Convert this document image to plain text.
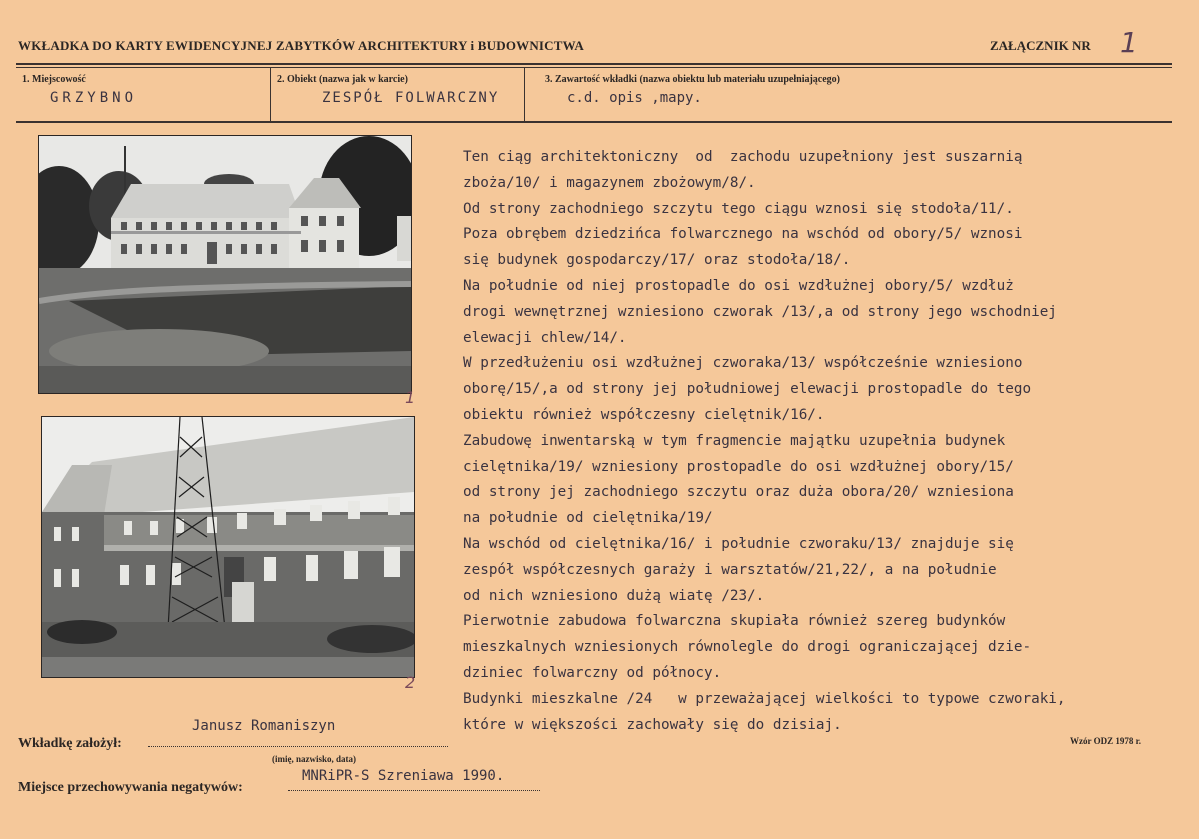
WKŁADKA DO KARTY EWIDENCYJNEJ ZABYTKÓW ARCHITEKTURY i BUDOWNICTWA	ZAŁĄCZNIK NR 1
1. Miejscowość
GRZYBNO
2. Obiekt (nazwa jak w karcie)
ZESPÓŁ FOLWARCZNY
3. Zawartość wkładki (nazwa obiektu lub materiału uzupełniającego)
c.d. opis ,mapy.
1
2
Ten ciąg architektoniczny  od  zachodu uzupełniony jest suszarnią
zboża/10/ i magazynem zbożowym/8/.
Od strony zachodniego szczytu tego ciągu wznosi się stodoła/11/.
Poza obrębem dziedzińca folwarcznego na wschód od obory/5/ wznosi
się budynek gospodarczy/17/ oraz stodoła/18/.
Na południe od niej prostopadle do osi wzdłużnej obory/5/ wzdłuż
drogi wewnętrznej wzniesiono czworak /13/,a od strony jego wschodniej
elewacji chlew/14/.
W przedłużeniu osi wzdłużnej czworaka/13/ współcześnie wzniesiono
oborę/15/,a od strony jej południowej elewacji prostopadle do tego
obiektu również współczesny cielętnik/16/.
Zabudowę inwentarską w tym fragmencie majątku uzupełnia budynek
cielętnika/19/ wzniesiony prostopadle do osi wzdłużnej obory/15/
od strony jej zachodniego szczytu oraz duża obora/20/ wzniesiona
na południe od cielętnika/19/
Na wschód od cielętnika/16/ i południe czworaku/13/ znajduje się
zespół współczesnych garaży i warsztatów/21,22/, a na południe
od nich wzniesiono dużą wiatę /23/.
Pierwotnie zabudowa folwarczna skupiała również szereg budynków
mieszkalnych wzniesionych równolegle do drogi ograniczającej dzie-
dziniec folwarczny od północy.
Budynki mieszkalne /24   w przeważającej wielkości to typowe czworaki,
które w większości zachowały się do dzisiaj.
Janusz Romaniszyn
Wkładkę założył:
(imię, nazwisko, data)
Wzór ODZ 1978 r.
MNRiPR-S Szreniawa 1990.
Miejsce przechowywania negatywów:
